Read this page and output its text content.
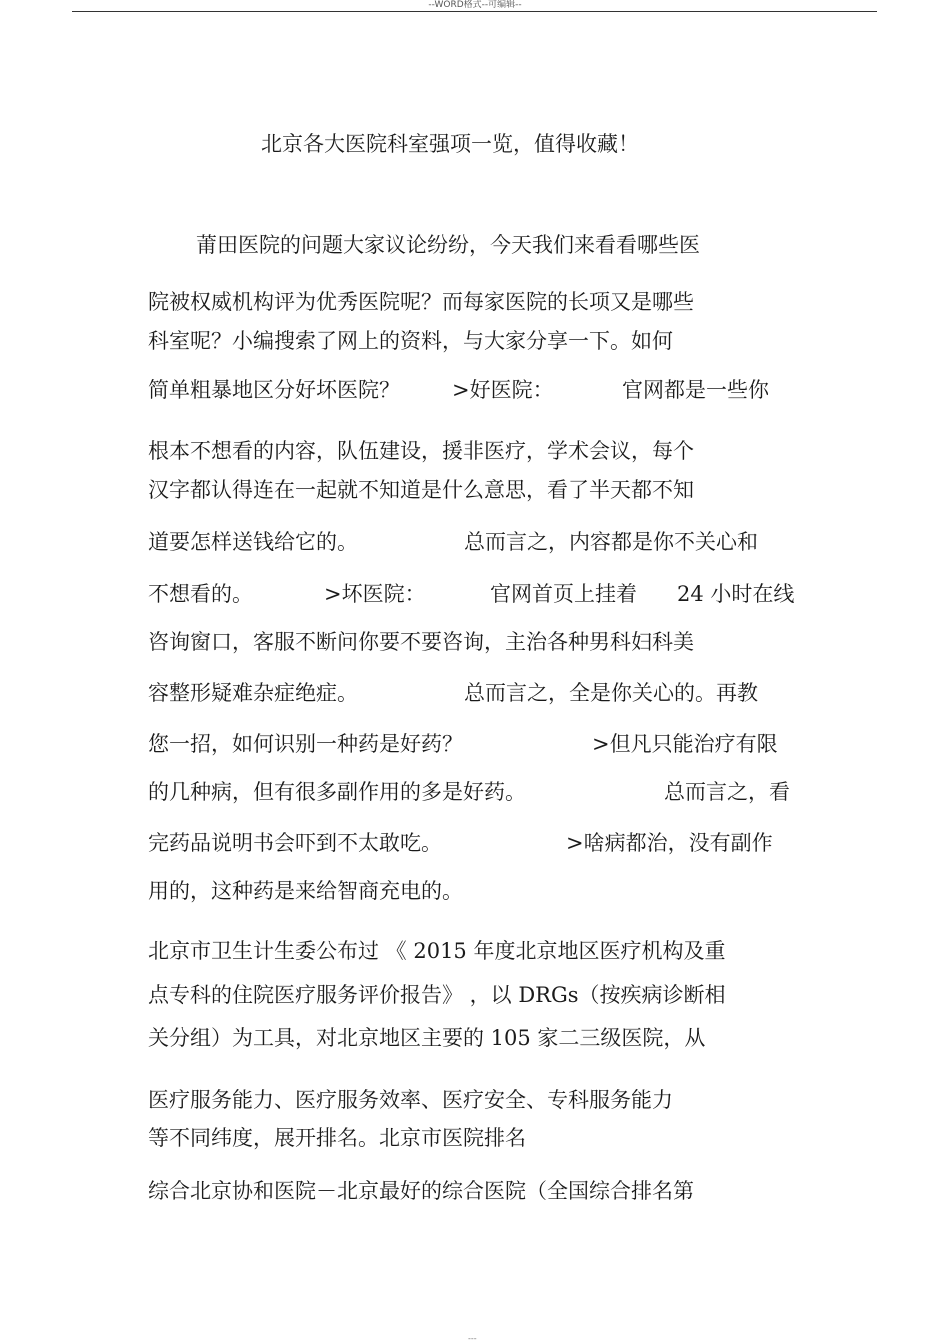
--WORD格式--可编辑--
北京各大医院科室强项一览，值得收藏！
莆田医院的问题大家议论纷纷，今天我们来看看哪些医
院被权威机构评为优秀医院呢？而每家医院的长项又是哪些
科室呢？小编搜索了网上的资料，与大家分享一下。如何
简单粗暴地区分好坏医院？ >好医院：	官网都是一些你
根本不想看的内容，队伍建设，援非医疗，学术会议，每个
汉字都认得连在一起就不知道是什么意思，看了半天都不知
道要怎样送钱给它的。	总而言之，内容都是你不关心和
不想看的。	>坏医院：	官网首页上挂着 24 小时在线
咨询窗口，客服不断问你要不要咨询，主治各种男科妇科美
容整形疑难杂症绝症。	总而言之，全是你关心的。再教
您一招，如何识别一种药是好药？	>但凡只能治疗有限
的几种病，但有很多副作用的多是好药。	总而言之，看
完药品说明书会吓到不太敢吃。	>啥病都治，没有副作
用的，这种药是来给智商充电的。
北京市卫生计生委公布过 《 2015 年度北京地区医疗机构及重
点专科的住院医疗服务评价报告》 ，以 DRGs（按疾病诊断相
关分组）为工具，对北京地区主要的 105 家二三级医院，从
医疗服务能力、医疗服务效率、医疗安全、专科服务能力
等不同纬度，展开排名。北京市医院排名
综合北京协和医院－北京最好的综合医院（全国综合排名第
---
